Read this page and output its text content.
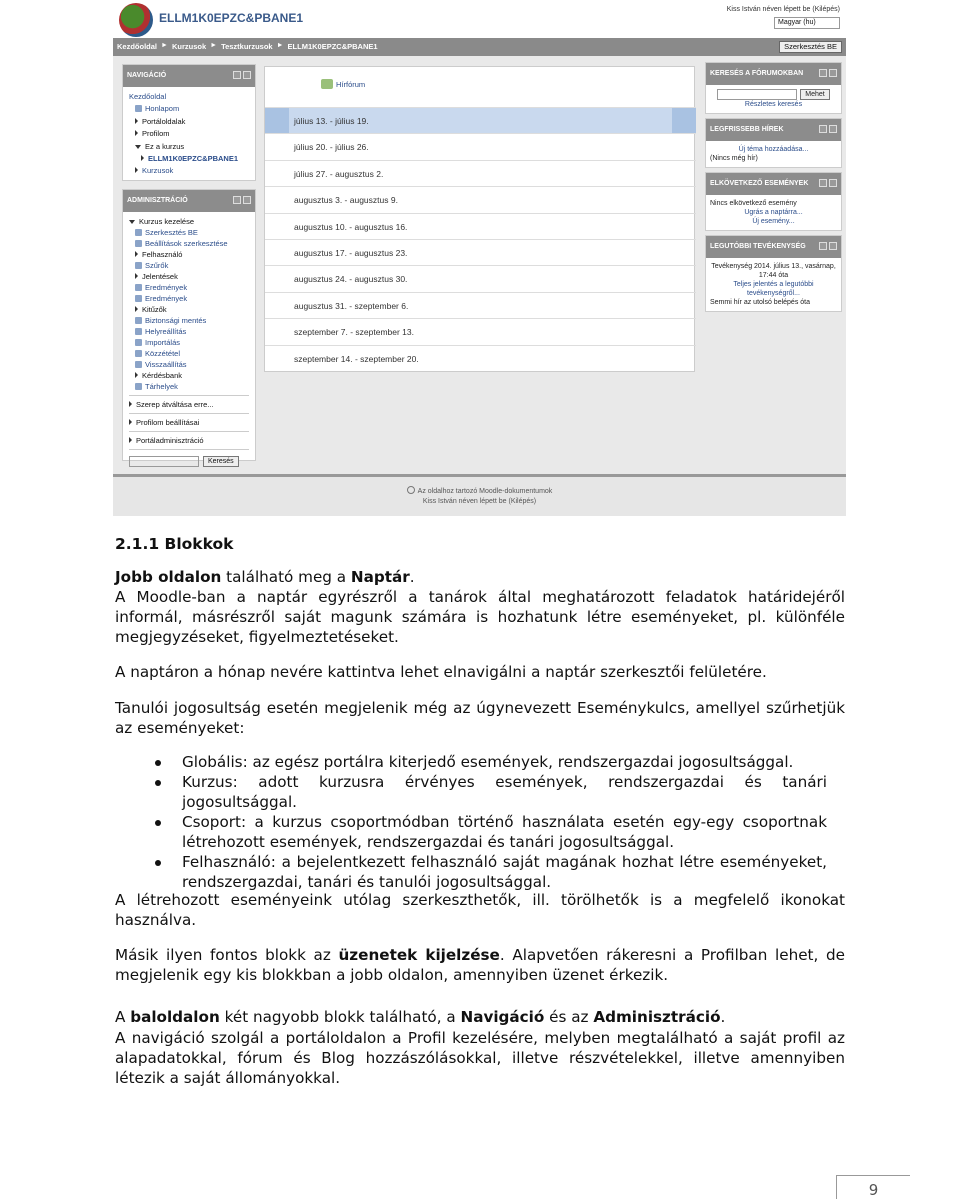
ELLM1K0EPZC&PBANE1
Kiss István néven lépett be (Kilépés)
Magyar (hu)
Kezdőoldal ► Kurzusok ► Tesztkurzusok ► ELLM1K0EPZC&PBANE1	Szerkesztés BE
NAVIGÁCIÓ
Kezdőoldal
Honlapom
Portáloldalak
Profilom
Ez a kurzus
ELLM1K0EPZC&PBANE1
Kurzusok
ADMINISZTRÁCIÓ
Kurzus kezelése
Szerkesztés BE
Beállítások szerkesztése
Felhasználó
Szűrők
Jelentések
Eredmények
Eredmények
Kitűzők
Biztonsági mentés
Helyreállítás
Importálás
Közzététel
Visszaállítás
Kérdésbank
Tárhelyek
Szerep átváltása erre...
Profilom beállításai
Portáladminisztráció
Keresés
Hírfórum
július 13. - július 19.
július 20. - július 26.
július 27. - augusztus 2.
augusztus 3. - augusztus 9.
augusztus 10. - augusztus 16.
augusztus 17. - augusztus 23.
augusztus 24. - augusztus 30.
augusztus 31. - szeptember 6.
szeptember 7. - szeptember 13.
szeptember 14. - szeptember 20.
KERESÉS A FÓRUMOKBAN
Mehet
Részletes keresés
LEGFRISSEBB HÍREK
Új téma hozzáadása...
(Nincs még hír)
ELKÖVETKEZŐ ESEMÉNYEK
Nincs elkövetkező esemény
Ugrás a naptárra...
Új esemény...
LEGUTÓBBI TEVÉKENYSÉG
Tevékenység 2014. július 13., vasárnap, 17:44 óta
Teljes jelentés a legutóbbi tevékenységről...
Semmi hír az utolsó belépés óta
Az oldalhoz tartozó Moodle-dokumentumok
Kiss István néven lépett be (Kilépés)
2.1.1 Blokkok
Jobb oldalon található meg a Naptár.
A Moodle-ban a naptár egyrészről a tanárok által meghatározott feladatok határidejéről informál, másrészről saját magunk számára is hozhatunk létre eseményeket, pl. különféle megjegyzéseket, figyelmeztetéseket.
A naptáron a hónap nevére kattintva lehet elnavigálni a naptár szerkesztői felületére.
Tanulói jogosultság esetén megjelenik még az úgynevezett Eseménykulcs, amellyel szűrhetjük az eseményeket:
Globális: az egész portálra kiterjedő események, rendszergazdai jogosultsággal.
Kurzus: adott kurzusra érvényes események, rendszergazdai és tanári jogosultsággal.
Csoport: a kurzus csoportmódban történő használata esetén egy-egy csoportnak létrehozott események, rendszergazdai és tanári jogosultsággal.
Felhasználó: a bejelentkezett felhasználó saját magának hozhat létre eseményeket, rendszergazdai, tanári és tanulói jogosultsággal.
A létrehozott eseményeink utólag szerkeszthetők, ill. törölhetők is a megfelelő ikonokat használva.
Másik ilyen fontos blokk az üzenetek kijelzése. Alapvetően rákeresni a Profilban lehet, de megjelenik egy kis blokkban a jobb oldalon, amennyiben üzenet érkezik.
A baloldalon két nagyobb blokk található, a Navigáció és az Adminisztráció.
A navigáció szolgál a portáloldalon a Profil kezelésére, melyben megtalálható a saját profil az alapadatokkal, fórum és Blog hozzászólásokkal, illetve részvételekkel, illetve amennyiben létezik a saját állományokkal.
9
